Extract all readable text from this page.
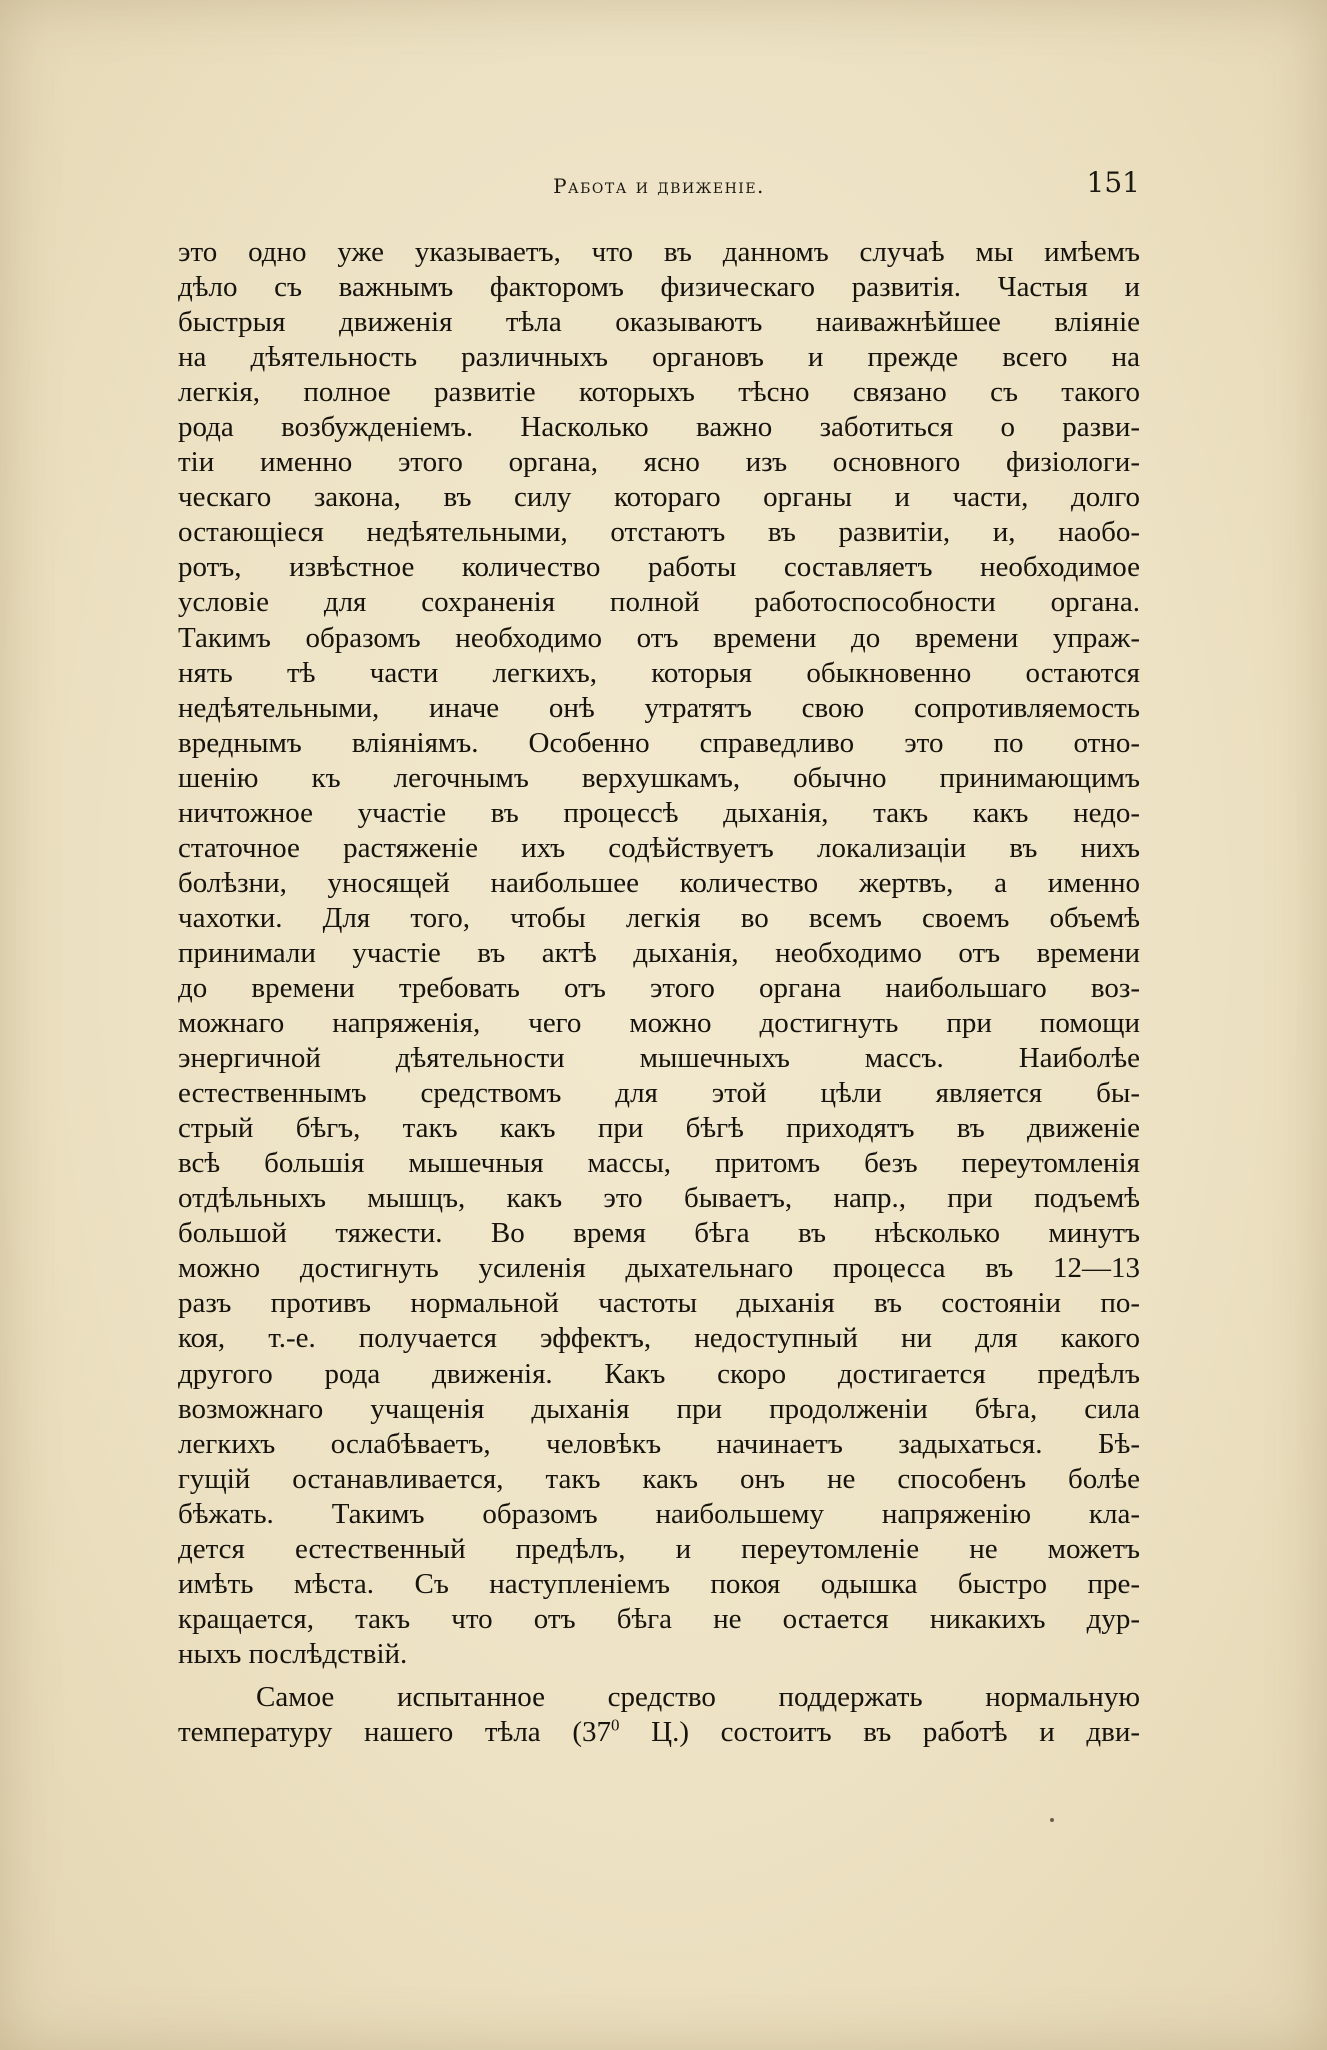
Работа и движеніе.	151
это одно уже указываетъ, что въ данномъ случаѣ мы имѣемъ
дѣло съ важнымъ факторомъ физическаго развитія. Частыя и
быстрыя движенія тѣла оказываютъ наиважнѣйшее вліяніе
на дѣятельность различныхъ органовъ и прежде всего на
легкія, полное развитіе которыхъ тѣсно связано съ такого
рода возбужденіемъ. Насколько важно заботиться о разви-
тіи именно этого органа, ясно изъ основного физіологи-
ческаго закона, въ силу котораго органы и части, долго
остающіеся недѣятельными, отстаютъ въ развитіи, и, наобо-
ротъ, извѣстное количество работы составляетъ необходимое
условіе для сохраненія полной работоспособности органа.
Такимъ образомъ необходимо отъ времени до времени упраж-
нять тѣ части легкихъ, которыя обыкновенно остаются
недѣятельными, иначе онѣ утратятъ свою сопротивляемость
вреднымъ вліяніямъ. Особенно справедливо это по отно-
шенію къ легочнымъ верхушкамъ, обычно принимающимъ
ничтожное участіе въ процессѣ дыханія, такъ какъ недо-
статочное растяженіе ихъ содѣйствуетъ локализаціи въ нихъ
болѣзни, уносящей наибольшее количество жертвъ, а именно
чахотки. Для того, чтобы легкія во всемъ своемъ объемѣ
принимали участіе въ актѣ дыханія, необходимо отъ времени
до времени требовать отъ этого органа наибольшаго воз-
можнаго напряженія, чего можно достигнуть при помощи
энергичной дѣятельности мышечныхъ массъ. Наиболѣе
естественнымъ средствомъ для этой цѣли является бы-
стрый бѣгъ, такъ какъ при бѣгѣ приходятъ въ движеніе
всѣ большія мышечныя массы, притомъ безъ переутомленія
отдѣльныхъ мышцъ, какъ это бываетъ, напр., при подъемѣ
большой тяжести. Во время бѣга въ нѣсколько минутъ
можно достигнуть усиленія дыхательнаго процесса въ 12—13
разъ противъ нормальной частоты дыханія въ состояніи по-
коя, т.-е. получается эффектъ, недоступный ни для какого
другого рода движенія. Какъ скоро достигается предѣлъ
возможнаго учащенія дыханія при продолженіи бѣга, сила
легкихъ ослабѣваетъ, человѣкъ начинаетъ задыхаться. Бѣ-
гущій останавливается, такъ какъ онъ не способенъ болѣе
бѣжать. Такимъ образомъ наибольшему напряженію кла-
дется естественный предѣлъ, и переутомленіе не можетъ
имѣть мѣста. Съ наступленіемъ покоя одышка быстро пре-
кращается, такъ что отъ бѣга не остается никакихъ дур-
ныхъ послѣдствій.
Самое испытанное средство поддержать нормальную
температуру нашего тѣла ($37^0$ Ц.) состоитъ въ работѣ и дви-
